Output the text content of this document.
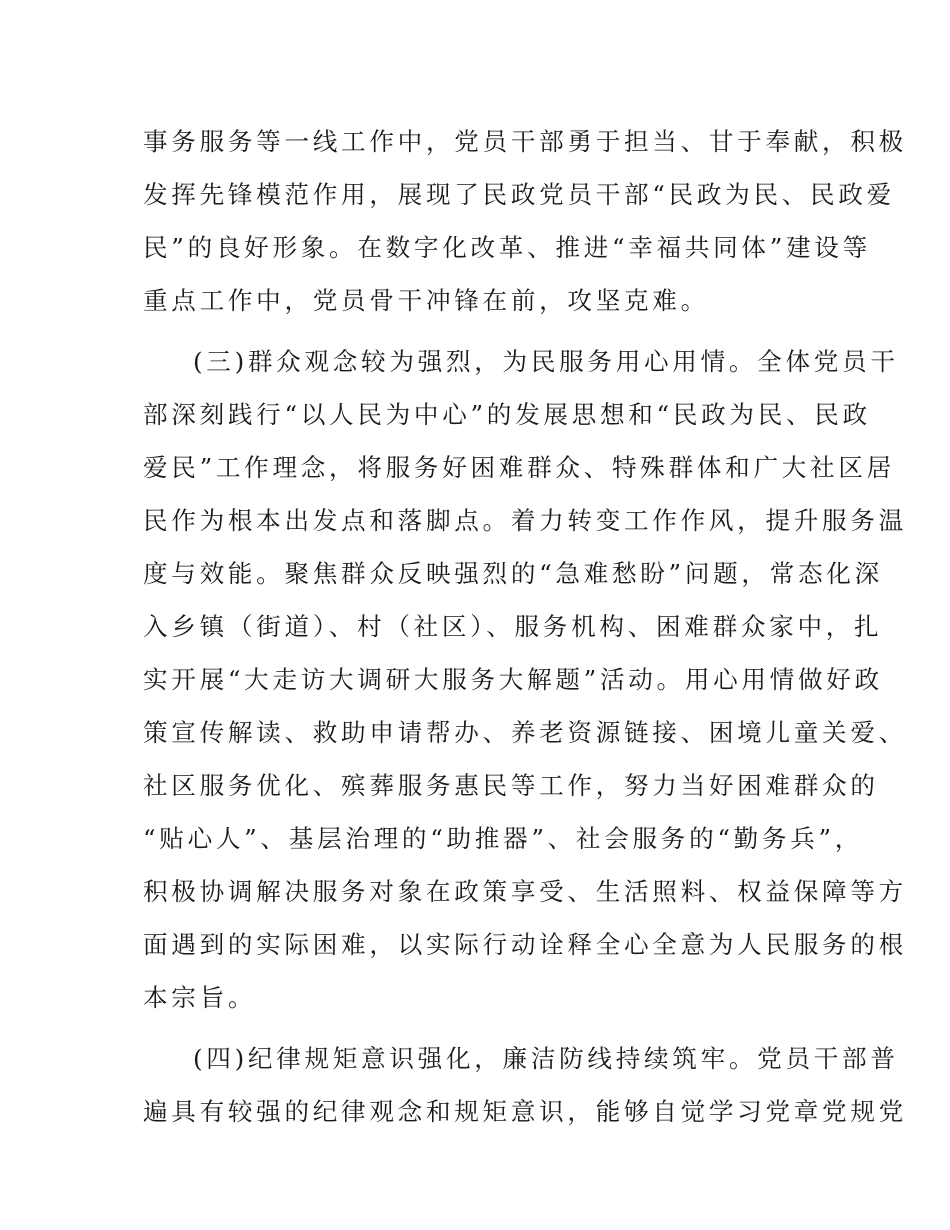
事务服务等一线工作中，党员干部勇于担当、甘于奉献，积极
发挥先锋模范作用，展现了民政党员干部“民政为民、民政爱
民”的良好形象。在数字化改革、推进“幸福共同体”建设等
重点工作中，党员骨干冲锋在前，攻坚克难。
(三)群众观念较为强烈，为民服务用心用情。全体党员干
部深刻践行“以人民为中心”的发展思想和“民政为民、民政
爱民”工作理念，将服务好困难群众、特殊群体和广大社区居
民作为根本出发点和落脚点。着力转变工作作风，提升服务温
度与效能。聚焦群众反映强烈的“急难愁盼”问题，常态化深
入乡镇（街道）、村（社区）、服务机构、困难群众家中，扎
实开展“大走访大调研大服务大解题”活动。用心用情做好政
策宣传解读、救助申请帮办、养老资源链接、困境儿童关爱、
社区服务优化、殡葬服务惠民等工作，努力当好困难群众的
“贴心人”、基层治理的“助推器”、社会服务的“勤务兵”，
积极协调解决服务对象在政策享受、生活照料、权益保障等方
面遇到的实际困难，以实际行动诠释全心全意为人民服务的根
本宗旨。
(四)纪律规矩意识强化，廉洁防线持续筑牢。党员干部普
遍具有较强的纪律观念和规矩意识，能够自觉学习党章党规党
